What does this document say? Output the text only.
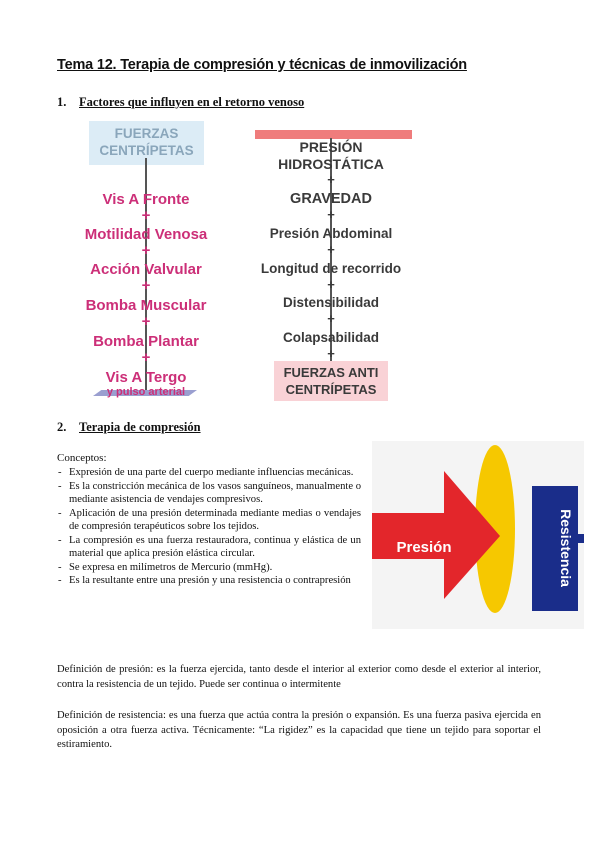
Tema 12. Terapia de compresión y técnicas de inmovilización
1. Factores que influyen en el retorno venoso
FUERZAS
CENTRÍPETAS
Vis A Fronte
+
Motilidad Venosa
+
Acción Valvular
+
Bomba Muscular
+
Bomba Plantar
+
Vis A Tergo
y pulso arterial
PRESIÓN
HIDROSTÁTICA
+
GRAVEDAD
+
Presión Abdominal
+
Longitud de recorrido
+
Distensibilidad
+
Colapsabilidad
+
FUERZAS ANTI
CENTRÍPETAS
2. Terapia de compresión
Conceptos:
- Expresión de una parte del cuerpo mediante influencias mecánicas.
- Es la constricción mecánica de los vasos sanguíneos, manualmente o mediante asistencia de vendajes compresivos.
- Aplicación de una presión determinada mediante medias o vendajes de compresión terapéuticos sobre los tejidos.
- La compresión es una fuerza restauradora, continua y elástica de un material que aplica presión elástica circular.
- Se expresa en milímetros de Mercurio (mmHg).
- Es la resultante entre una presión y una resistencia o contrapresión
Presión	Resistencia
Definición de presión: es la fuerza ejercida, tanto desde el interior al exterior como desde el exterior al interior, contra la resistencia de un tejido. Puede ser continua o intermitente
Definición de resistencia: es una fuerza que actúa contra la presión o expansión. Es una fuerza pasiva ejercida en oposición a otra fuerza activa. Técnicamente: “La rigidez” es la capacidad que tiene un tejido para soportar el estiramiento.
